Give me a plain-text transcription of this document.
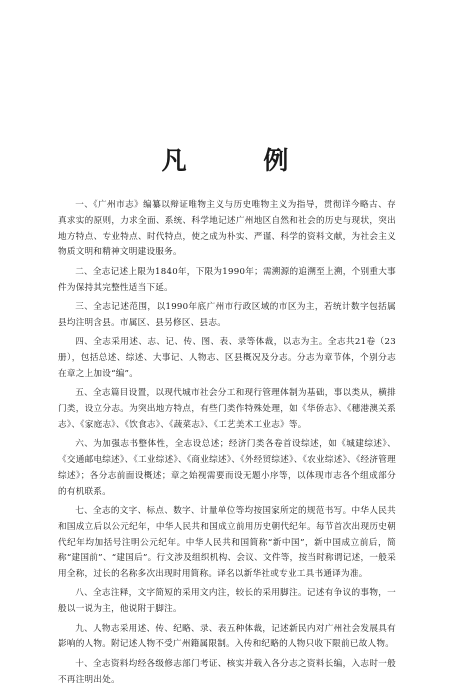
凡 例

一、《广州市志》编纂以辩证唯物主义与历史唯物主义为指导，贯彻详今略古、存真求实的原则，力求全面、系统、科学地记述广州地区自然和社会的历史与现状，突出地方特点、专业特点、时代特点，使之成为朴实、严谨、科学的资料文献，为社会主义物质文明和精神文明建设服务。

二、全志记述上限为1840年，下限为1990年；需溯源的追溯至上溯，个别重大事件为保持其完整性适当下延。

三、全志记述范围，以1990年底广州市行政区域的市区为主，若统计数字包括属县均注明含县。市属区、县另修区、县志。

四、全志采用述、志、记、传、图、表、录等体裁，以志为主。全志共21卷（23册），包括总述、综述、大事记、人物志、区县概况及分志。分志为章节体，个别分志在章之上加设“编”。

五、全志篇目设置，以现代城市社会分工和现行管理体制为基础，事以类从，横排门类，设立分志。为突出地方特点，有些门类作特殊处理，如《华侨志》、《穗港澳关系志》、《家庭志》、《饮食志》、《蔬菜志》、《工艺美术工业志》等。

六、为加强志书整体性，全志设总述；经济门类各卷首设综述，如《城建综述》、《交通邮电综述》、《工业综述》、《商业综述》、《外经贸综述》、《农业综述》、《经济管理综述》；各分志前面设概述；章之始视需要而设无题小序等，以体现市志各个组成部分的有机联系。

七、全志的文字、标点、数字、计量单位等均按国家所定的规范书写。中华人民共和国成立后以公元纪年，中华人民共和国成立前用历史朝代纪年。每节首次出现历史朝代纪年均加括号注明公元纪年。中华人民共和国简称“新中国”，新中国成立前后，简称“建国前”、“建国后”。行文涉及组织机构、会议、文件等，按当时称谓记述，一般采用全称，过长的名称多次出现时用简称。译名以新华社或专业工具书通译为准。

八、全志注释，文字简短的采用文内注，较长的采用脚注。记述有争议的事物，一般以一说为主，他说附于脚注。

九、人物志采用述、传、纪略、录、表五种体裁，记述新民内对广州社会发展具有影响的人物。附记述人物不受广州籍属限制。入传和纪略的人物只收下限前已故人物。

十、全志资料均经各级修志部门考证、核实并载入各分志之资料长编，入志时一般不再注明出处。
